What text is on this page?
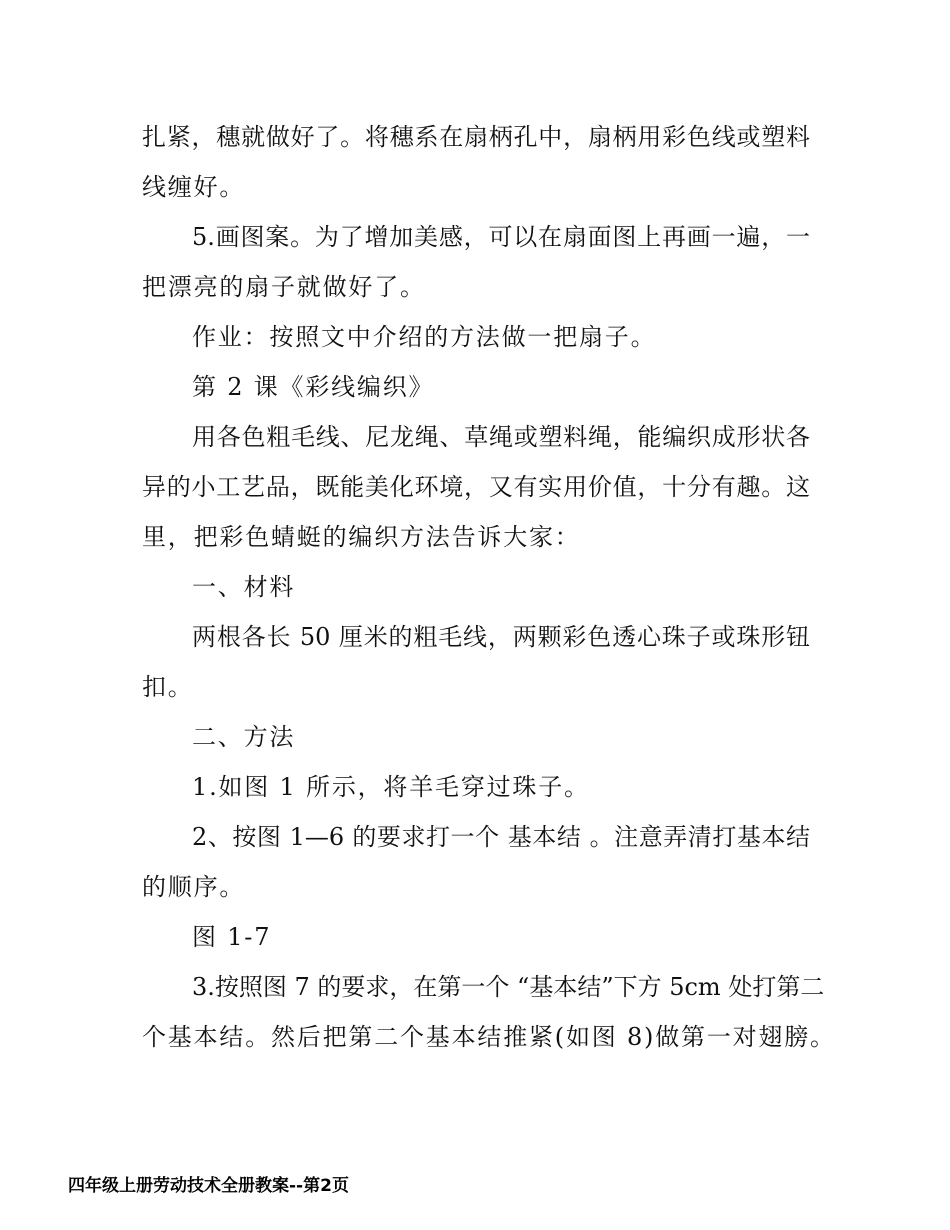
扎紧，穗就做好了。将穗系在扇柄孔中，扇柄用彩色线或塑料

线缠好。

5.画图案。为了增加美感，可以在扇面图上再画一遍，一

把漂亮的扇子就做好了。

作业：按照文中介绍的方法做一把扇子。

第 2 课《彩线编织》

用各色粗毛线、尼龙绳、草绳或塑料绳，能编织成形状各

异的小工艺品，既能美化环境，又有实用价值，十分有趣。这

里，把彩色蜻蜓的编织方法告诉大家：

一、材料

两根各长 50 厘米的粗毛线，两颗彩色透心珠子或珠形钮

扣。

二、方法

1.如图 1 所示，将羊毛穿过珠子。

2、按图 1—6 的要求打一个 基本结 。注意弄清打基本结

的顺序。

图 1-7

3.按照图 7 的要求，在第一个 “基本结”下方 5cm 处打第二

个基本结。然后把第二个基本结推紧(如图 8)做第一对翅膀。

四年级上册劳动技术全册教案--第2页
